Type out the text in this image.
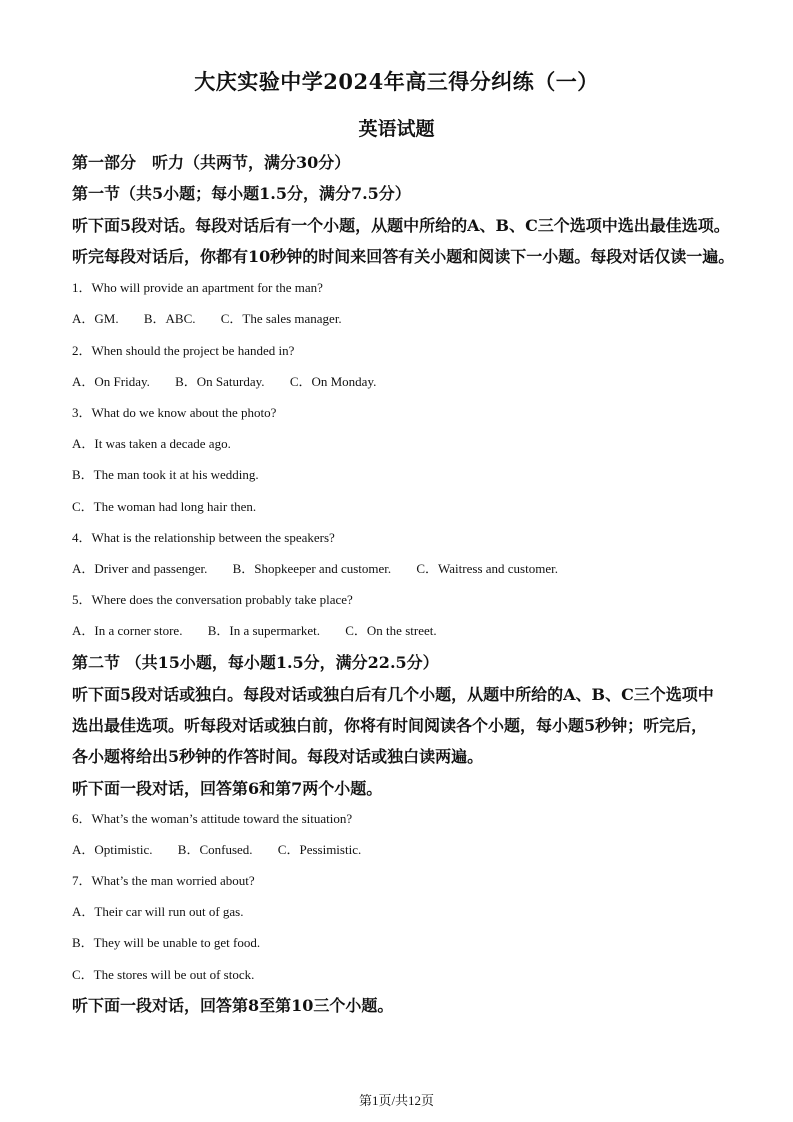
大庆实验中学2024年高三得分纠练（一）
英语试题
第一部分　听力（共两节，满分30分）
第一节（共5小题；每小题1.5分，满分7.5分）
听下面5段对话。每段对话后有一个小题，从题中所给的A、B、C三个选项中选出最佳选项。
听完每段对话后，你都有10秒钟的时间来回答有关小题和阅读下一小题。每段对话仅读一遍。
1．Who will provide an apartment for the man?
A．GM. B．ABC. C．The sales manager.
2．When should the project be handed in?
A．On Friday. B．On Saturday. C．On Monday.
3．What do we know about the photo?
A．It was taken a decade ago.
B．The man took it at his wedding.
C．The woman had long hair then.
4．What is the relationship between the speakers?
A．Driver and passenger. B．Shopkeeper and customer. C．Waitress and customer.
5．Where does the conversation probably take place?
A．In a corner store. B．In a supermarket. C．On the street.
第二节 （共15小题，每小题1.5分，满分22.5分）
听下面5段对话或独白。每段对话或独白后有几个小题，从题中所给的A、B、C三个选项中
选出最佳选项。听每段对话或独白前，你将有时间阅读各个小题，每小题5秒钟；听完后，
各小题将给出5秒钟的作答时间。每段对话或独白读两遍。
听下面一段对话，回答第6和第7两个小题。
6．What’s the woman’s attitude toward the situation?
A．Optimistic. B．Confused. C．Pessimistic.
7．What’s the man worried about?
A．Their car will run out of gas.
B．They will be unable to get food.
C．The stores will be out of stock.
听下面一段对话，回答第8至第10三个小题。
第1页/共12页
